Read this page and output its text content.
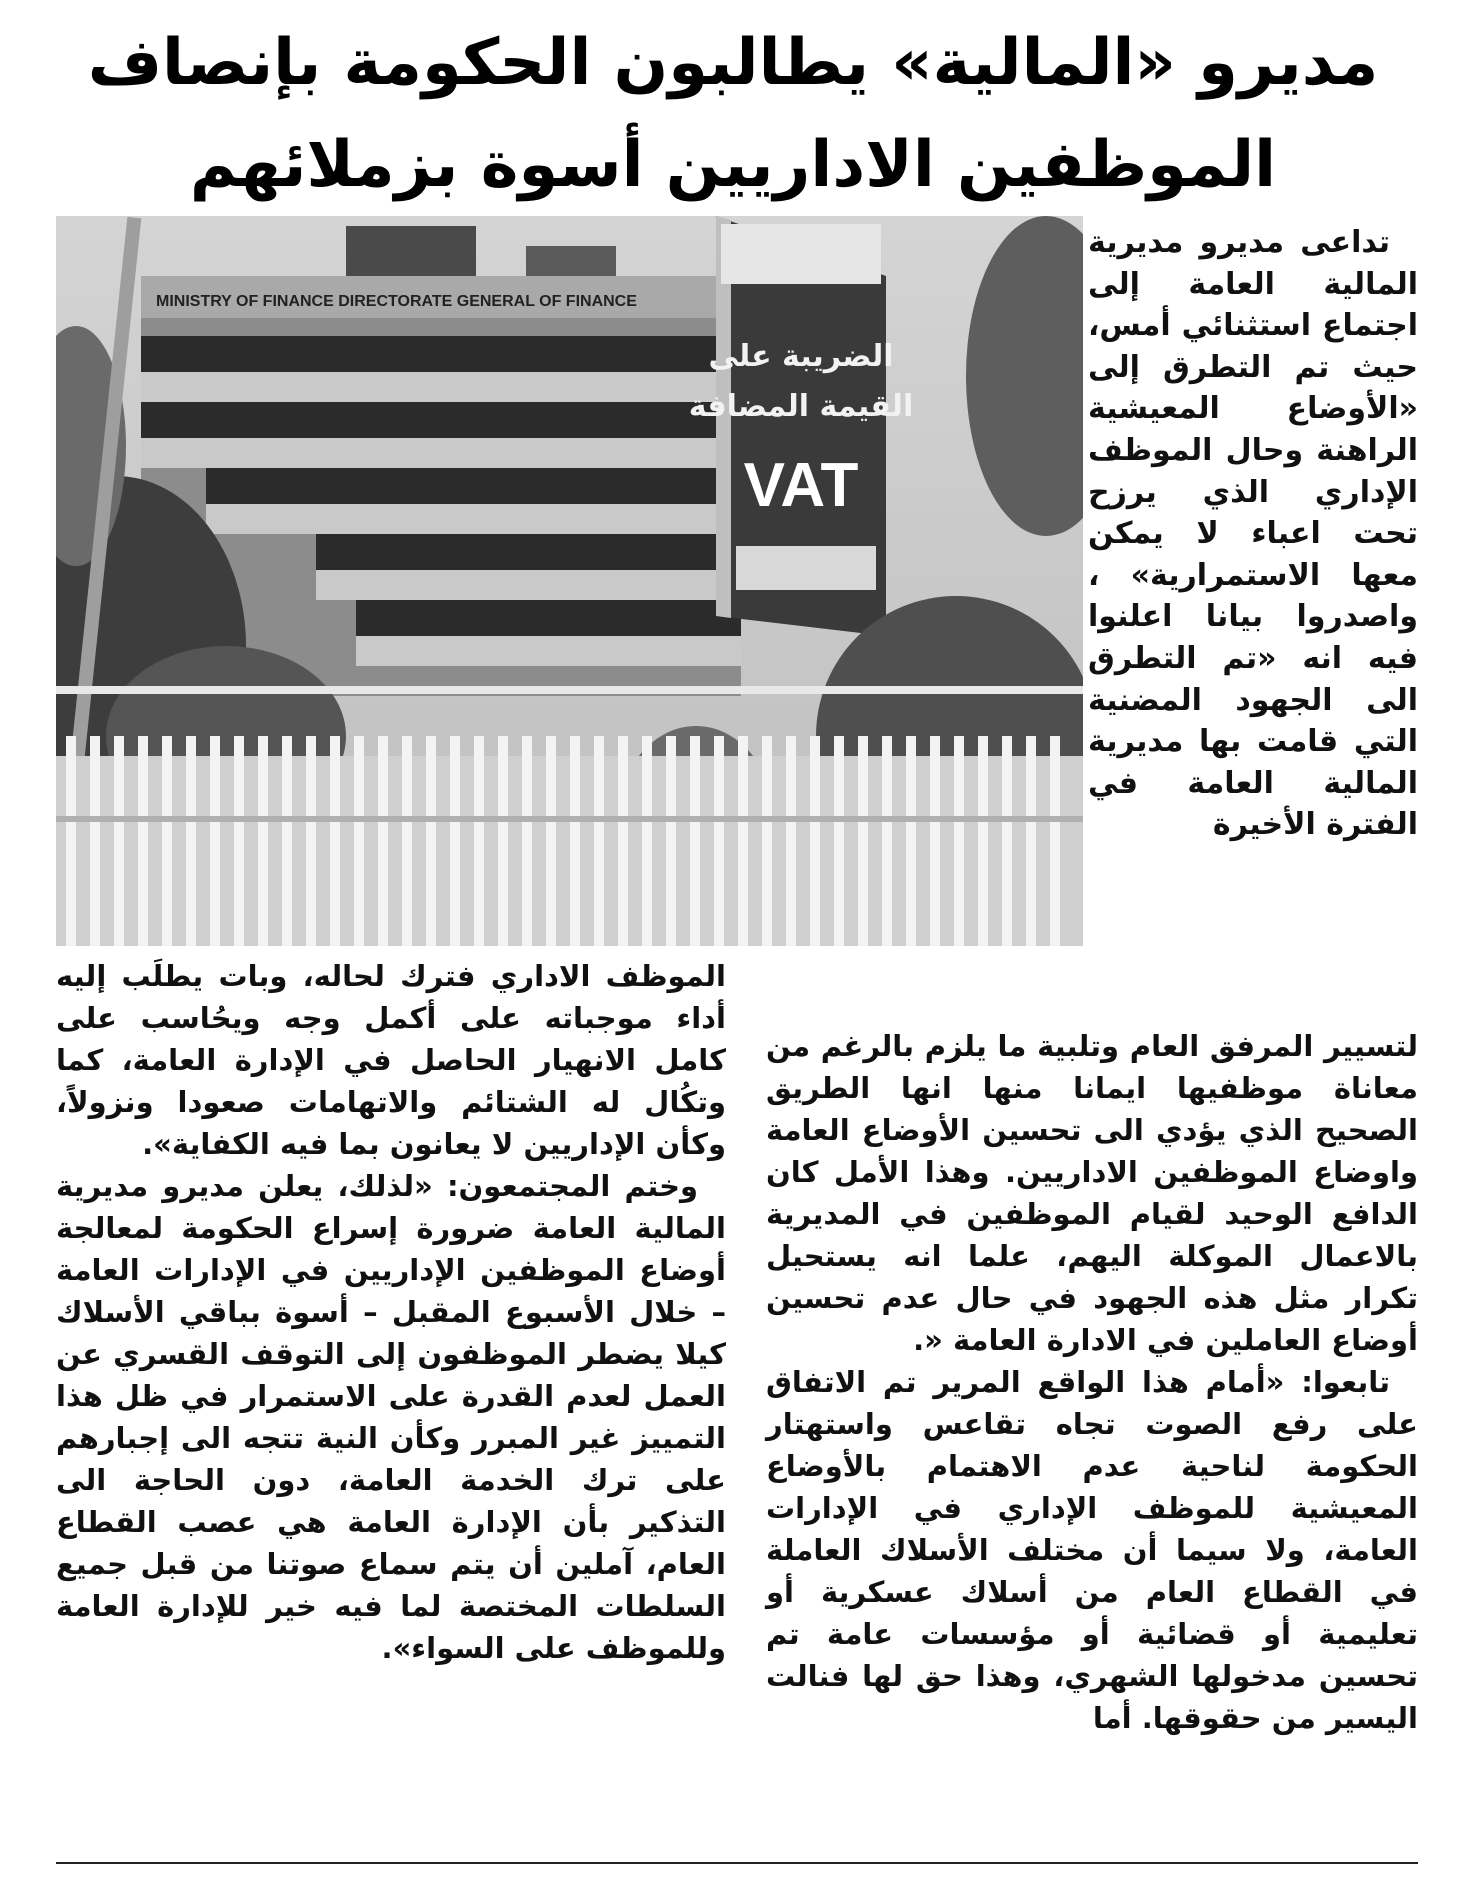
مديرو «المالية» يطالبون الحكومة بإنصاف
الموظفين الاداريين أسوة بزملائهم
MINISTRY OF FINANCE DIRECTORATE GENERAL OF FINANCE
الضريبة على
القيمة المضافة
VAT

تداعى مديرو مديرية المالية العامة إلى اجتماع استثنائي أمس، حيث تم التطرق إلى «الأوضاع المعيشية الراهنة وحال الموظف الإداري الذي يرزح تحت اعباء لا يمكن معها الاستمرارية» ، واصدروا بيانا اعلنوا فيه انه «تم التطرق الى الجهود المضنية التي قامت بها مديرية المالية العامة في الفترة الأخيرة

لتسيير المرفق العام وتلبية ما يلزم بالرغم من معاناة موظفيها ايمانا منها انها الطريق الصحيح الذي يؤدي الى تحسين الأوضاع العامة واوضاع الموظفين الاداريين. وهذا الأمل كان الدافع الوحيد لقيام الموظفين في المديرية بالاعمال الموكلة اليهم، علما انه يستحيل تكرار مثل هذه الجهود في حال عدم تحسين أوضاع العاملين في الادارة العامة «.

تابعوا: «أمام هذا الواقع المرير تم الاتفاق على رفع الصوت تجاه تقاعس واستهتار الحكومة لناحية عدم الاهتمام بالأوضاع المعيشية للموظف الإداري في الإدارات العامة، ولا سيما أن مختلف الأسلاك العاملة في القطاع العام من أسلاك عسكرية أو تعليمية أو قضائية أو مؤسسات عامة تم تحسين مدخولها الشهري، وهذا حق لها فنالت اليسير من حقوقها. أما

الموظف الاداري فترك لحاله، وبات يطلَب إليه أداء موجباته على أكمل وجه ويحُاسب على كامل الانهيار الحاصل في الإدارة العامة، كما وتكُال له الشتائم والاتهامات صعودا ونزولاً، وكأن الإداريين لا يعانون بما فيه الكفاية».

وختم المجتمعون: «لذلك، يعلن مديرو مديرية المالية العامة ضرورة إسراع الحكومة لمعالجة أوضاع الموظفين الإداريين في الإدارات العامة – خلال الأسبوع المقبل – أسوة بباقي الأسلاك كيلا يضطر الموظفون إلى التوقف القسري عن العمل لعدم القدرة على الاستمرار في ظل هذا التمييز غير المبرر وكأن النية تتجه الى إجبارهم على ترك الخدمة العامة، دون الحاجة الى التذكير بأن الإدارة العامة هي عصب القطاع العام، آملين أن يتم سماع صوتنا من قبل جميع السلطات المختصة لما فيه خير للإدارة العامة وللموظف على السواء».
